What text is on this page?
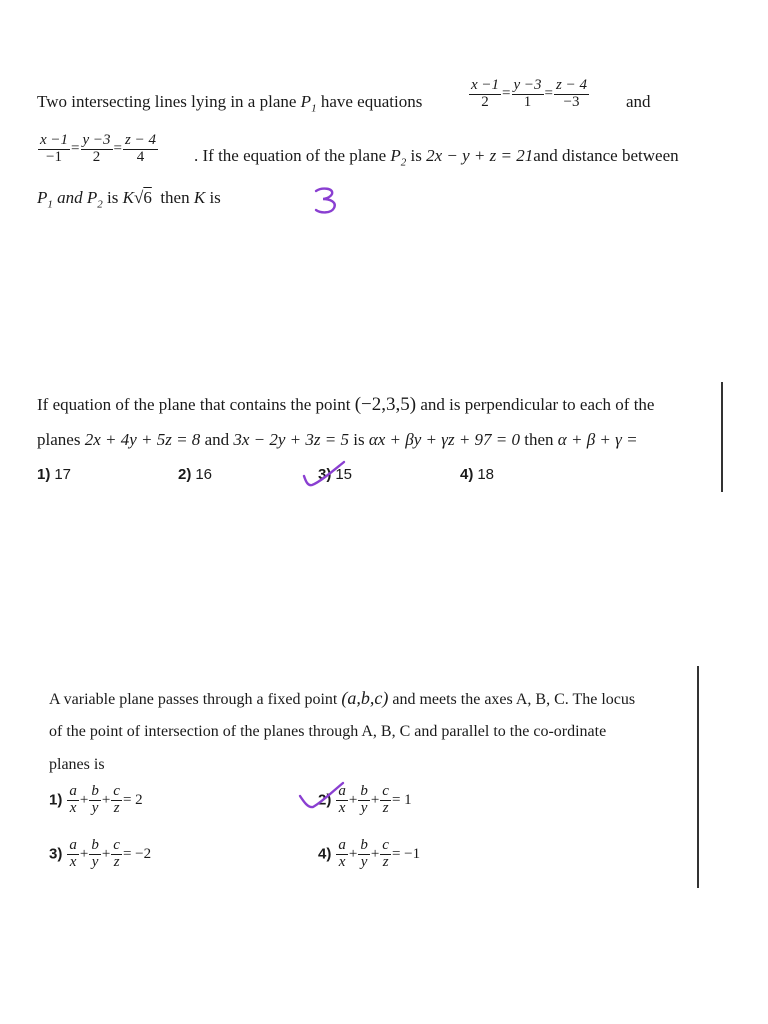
Two intersecting lines lying in a plane $P_1$ have equations	$\frac{x -1}{2} = \frac{y -3}{1} = \frac{z - 4}{-3}$ and
$\frac{x -1}{-1} = \frac{y -3}{2} = \frac{z - 4}{4}$ . If the equation of the plane $P_2$ is 2x − y + z = 21and distance between
$P_1$ and $P_2$ is K√6 then K is
If equation of the plane that contains the point (−2,3,5) and is perpendicular to each of the
planes 2x + 4y + 5z = 8 and 3x − 2y + 3z = 5 is αx + βy + γz + 97 = 0 then α + β + γ =
1) 17	2) 16	3) 15	4) 18
A variable plane passes through a fixed point (a,b,c) and meets the axes A, B, C. The locus
of the point of intersection of the planes through A, B, C and parallel to the co-ordinate
planes is
$1) \frac{a}{x} + \frac{b}{y} + \frac{c}{z} = 2$	$2) \frac{a}{x} + \frac{b}{y} + \frac{c}{z} = 1$
$3) \frac{a}{x} + \frac{b}{y} + \frac{c}{z} = -2$	$4) \frac{a}{x} + \frac{b}{y} + \frac{c}{z} = -1$
